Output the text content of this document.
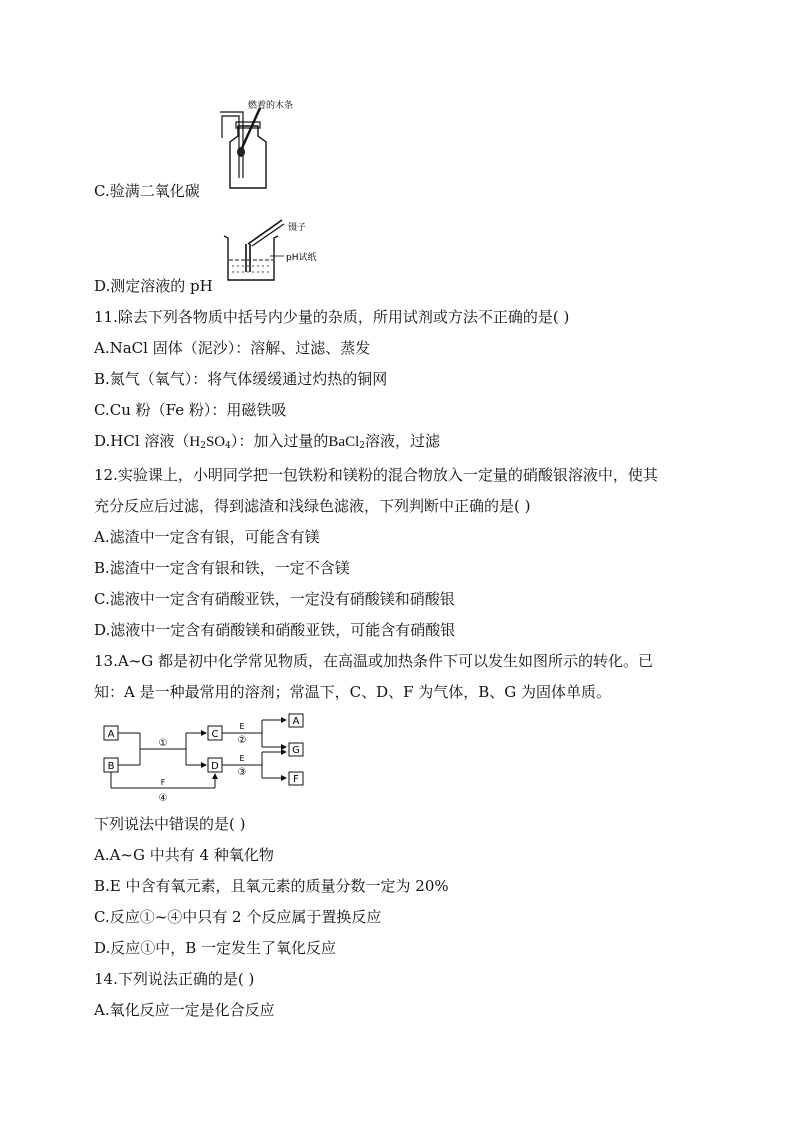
燃着的木条
镊子
pH试纸
C.验满二氧化碳
D.测定溶液的 pH
11.除去下列各物质中括号内少量的杂质，所用试剂或方法不正确的是( )
A.NaCl 固体（泥沙）：溶解、过滤、蒸发
B.氮气（氧气）：将气体缓缓通过灼热的铜网
C.Cu 粉（Fe 粉）：用磁铁吸
D.HCl 溶液$(H_2SO_4)$：加入过量的BaCl$_2$溶液，过滤
12.实验课上，小明同学把一包铁粉和镁粉的混合物放入一定量的硝酸银溶液中，使其
充分反应后过滤，得到滤渣和浅绿色滤液，下列判断中正确的是( )
A.滤渣中一定含有银，可能含有镁
B.滤渣中一定含有银和铁，一定不含镁
C.滤液中一定含有硝酸亚铁，一定没有硝酸镁和硝酸银
D.滤液中一定含有硝酸镁和硝酸亚铁，可能含有硝酸银
13.A~G 都是初中化学常见物质，在高温或加热条件下可以发生如图所示的转化。已
知：A 是一种最常用的溶剂；常温下，C、D、F 为气体，B、G 为固体单质。
A
B
①
C
D
E
②
E
③
A
G
F
F
④
下列说法中错误的是( )
A.A~G 中共有 4 种氧化物
B.E 中含有氧元素，且氧元素的质量分数一定为 20%
C.反应①~④中只有 2 个反应属于置换反应
D.反应①中，B 一定发生了氧化反应
14.下列说法正确的是( )
A.氧化反应一定是化合反应
